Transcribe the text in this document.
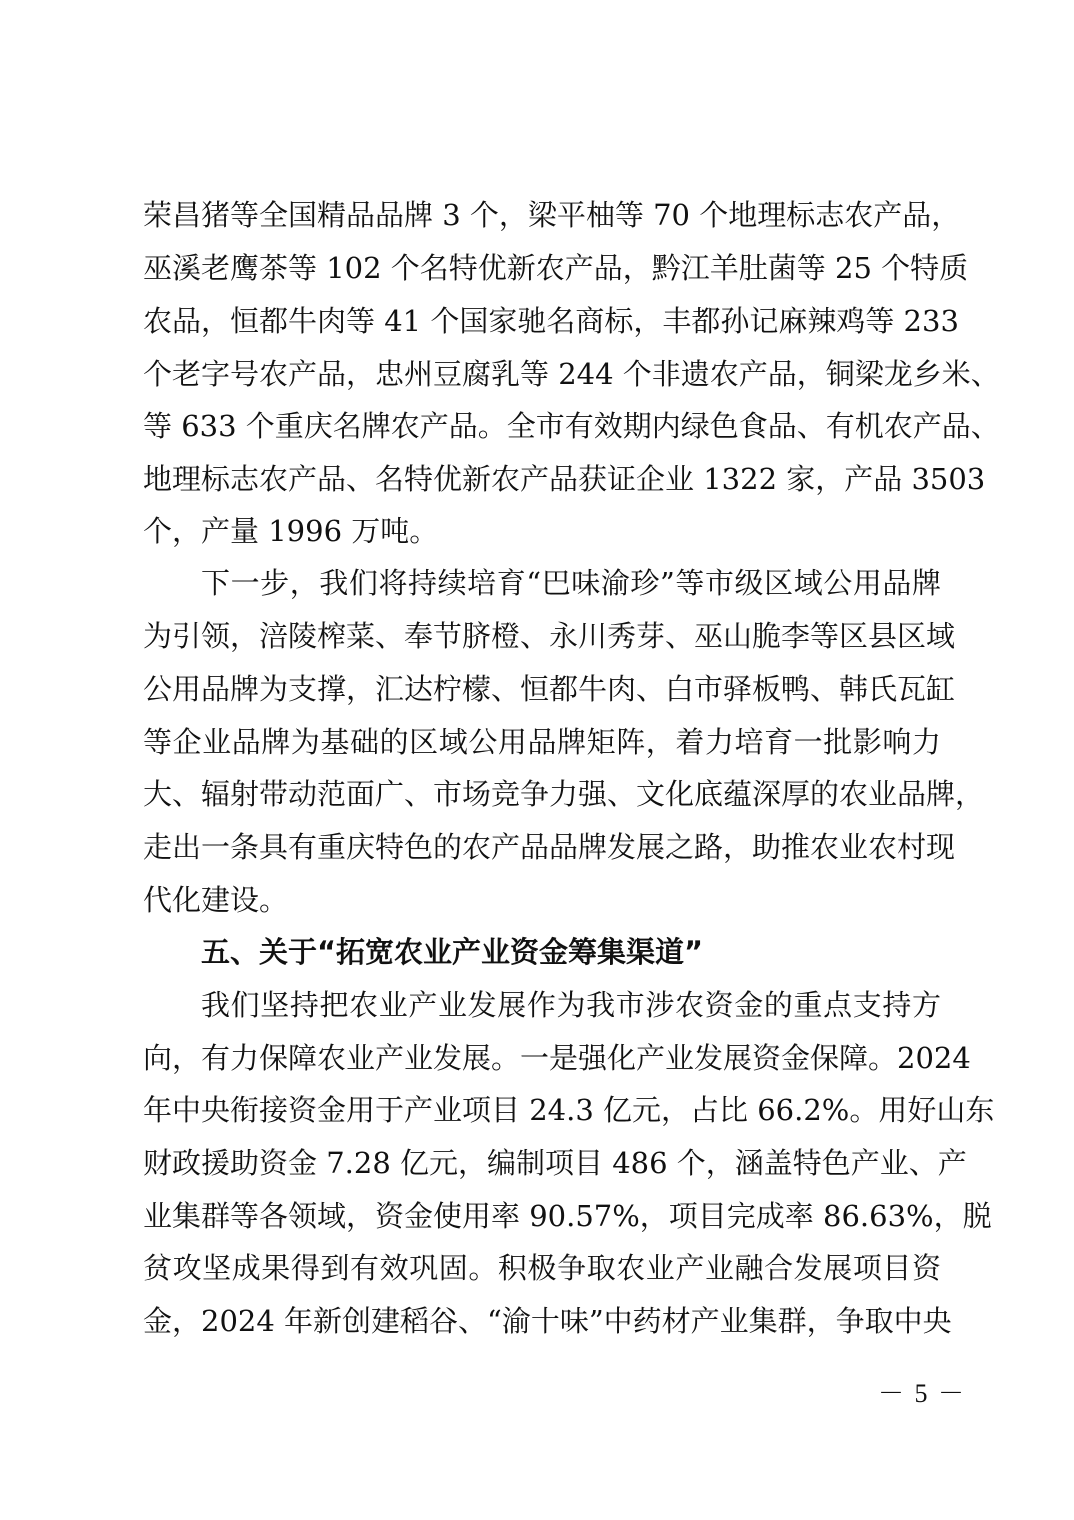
荣昌猪等全国精品品牌 3 个，梁平柚等 70 个地理标志农产品，
巫溪老鹰茶等 102 个名特优新农产品，黔江羊肚菌等 25 个特质
农品，恒都牛肉等 41 个国家驰名商标，丰都孙记麻辣鸡等 233
个老字号农产品，忠州豆腐乳等 244 个非遗农产品，铜梁龙乡米、
等 633 个重庆名牌农产品。全市有效期内绿色食品、有机农产品、
地理标志农产品、名特优新农产品获证企业 1322 家，产品 3503
个，产量 1996 万吨。
下一步，我们将持续培育“巴味渝珍”等市级区域公用品牌
为引领，涪陵榨菜、奉节脐橙、永川秀芽、巫山脆李等区县区域
公用品牌为支撑，汇达柠檬、恒都牛肉、白市驿板鸭、韩氏瓦缸
等企业品牌为基础的区域公用品牌矩阵，着力培育一批影响力
大、辐射带动范面广、市场竞争力强、文化底蕴深厚的农业品牌，
走出一条具有重庆特色的农产品品牌发展之路，助推农业农村现
代化建设。
五、关于“拓宽农业产业资金筹集渠道”
我们坚持把农业产业发展作为我市涉农资金的重点支持方
向，有力保障农业产业发展。一是强化产业发展资金保障。2024
年中央衔接资金用于产业项目 24.3 亿元，占比 66.2%。用好山东
财政援助资金 7.28 亿元，编制项目 486 个，涵盖特色产业、产
业集群等各领域，资金使用率 90.57%，项目完成率 86.63%，脱
贫攻坚成果得到有效巩固。积极争取农业产业融合发展项目资
金，2024 年新创建稻谷、“渝十味”中药材产业集群，争取中央
－ 5 －
